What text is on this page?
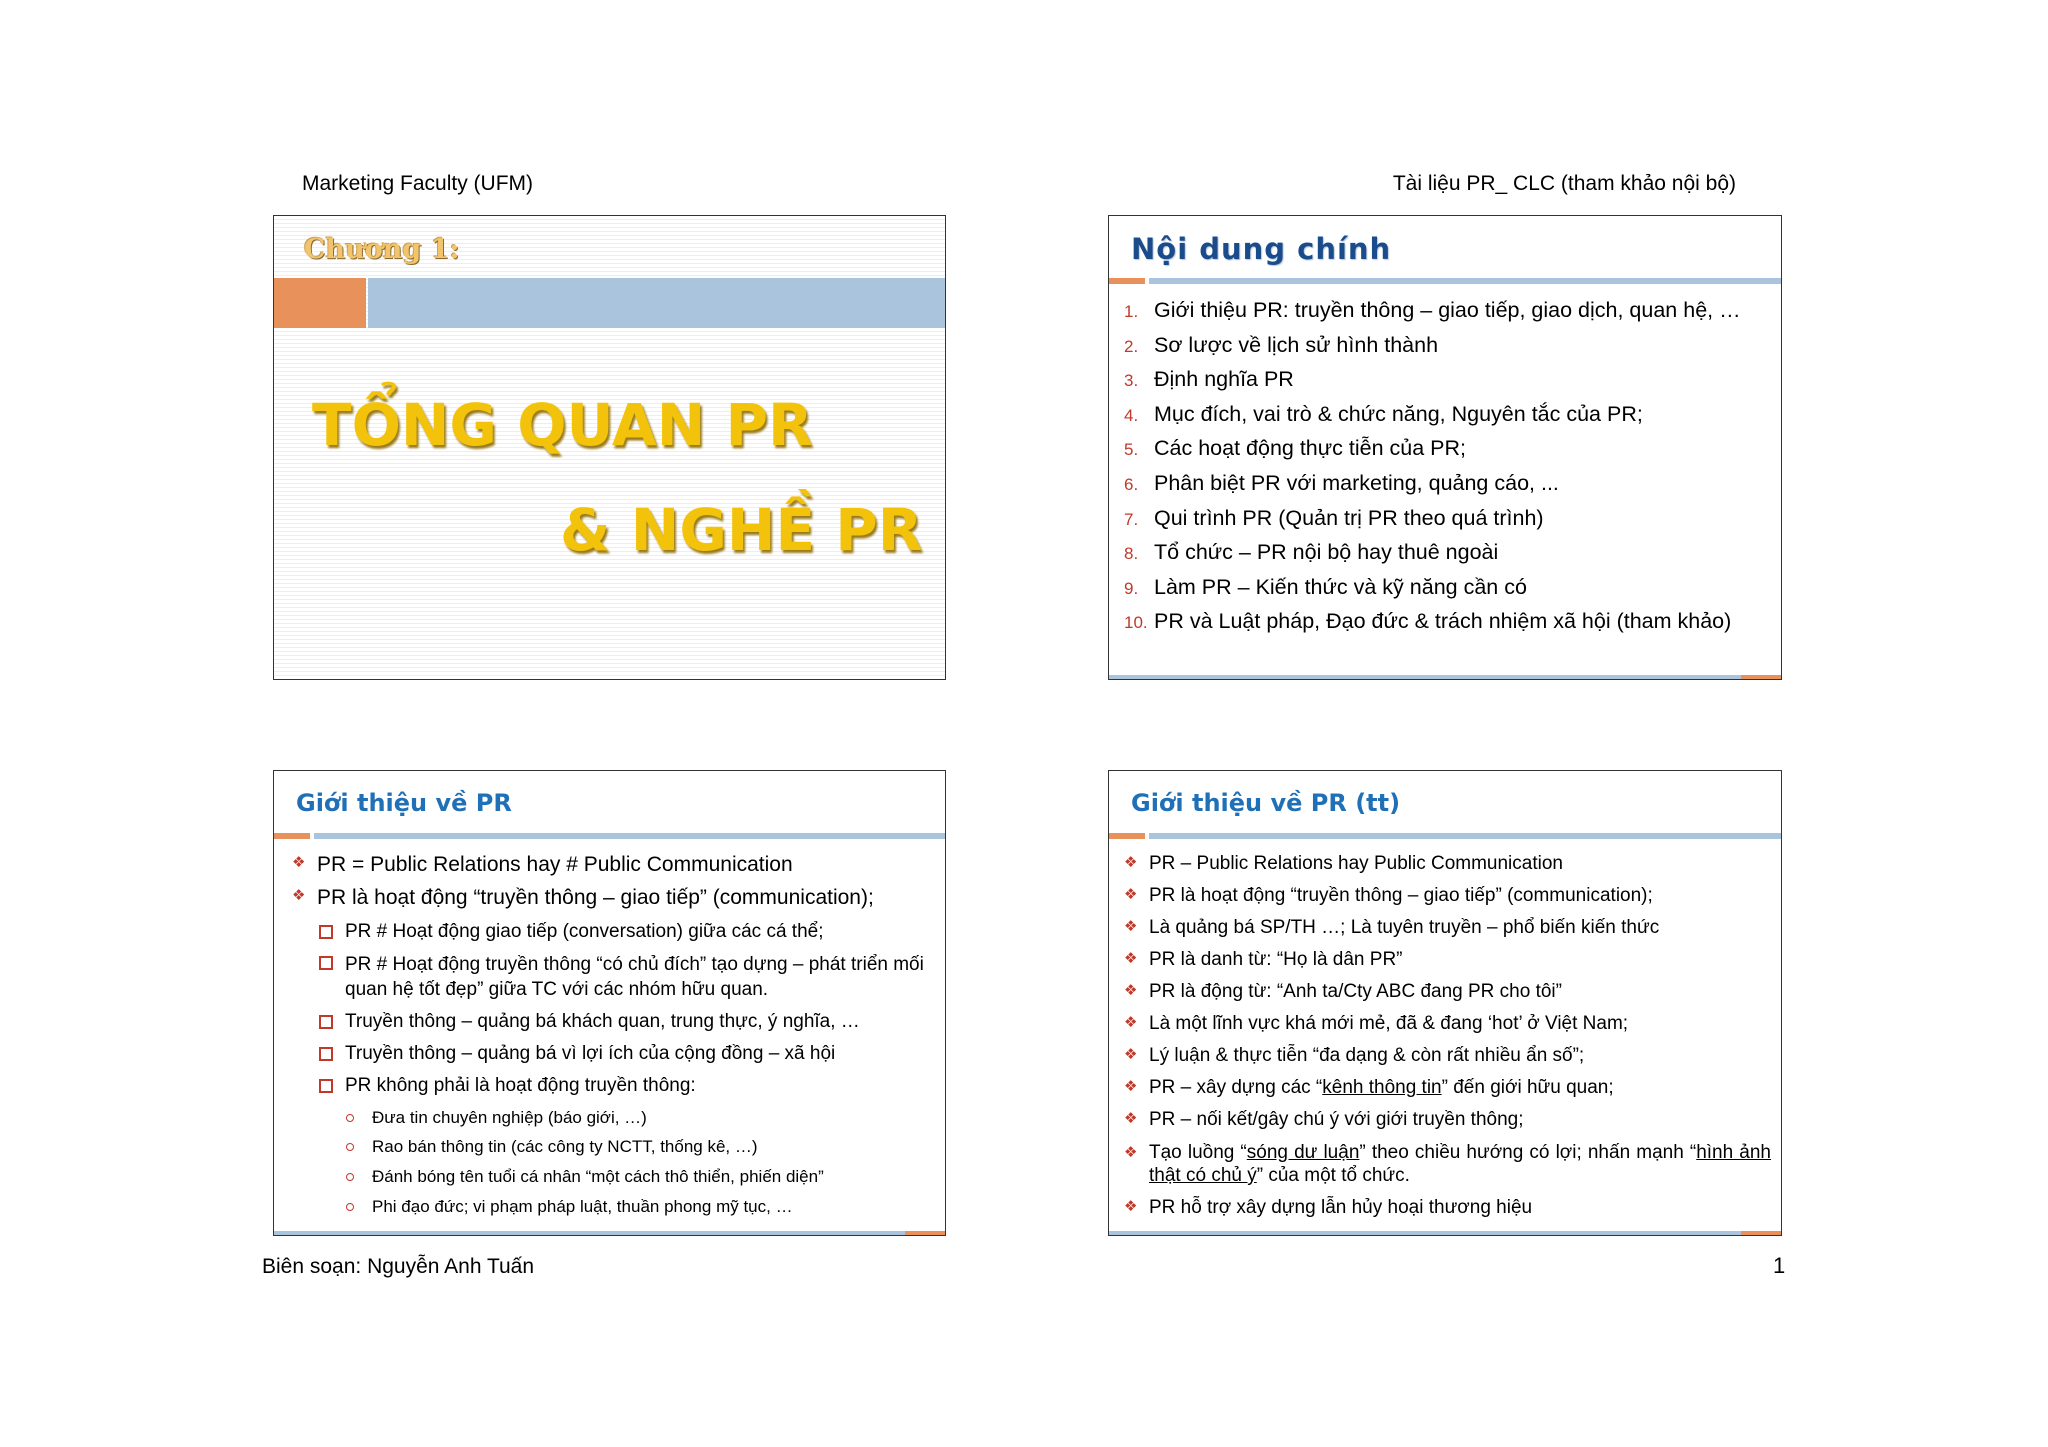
Marketing Faculty (UFM)	Tài liệu PR_ CLC (tham khảo nội bộ)
Chương 1:
TỔNG QUAN PR
& NGHỀ PR
Nội dung chính
1. Giới thiệu PR: truyền thông – giao tiếp, giao dịch, quan hệ, …
2. Sơ lược về lịch sử hình thành
3. Định nghĩa PR
4. Mục đích, vai trò & chức năng, Nguyên tắc của PR;
5. Các hoạt động thực tiễn của PR;
6. Phân biệt PR với marketing, quảng cáo, ...
7. Qui trình PR (Quản trị PR theo quá trình)
8. Tổ chức – PR nội bộ hay thuê ngoài
9. Làm PR – Kiến thức và kỹ năng cần có
10. PR và Luật pháp, Đạo đức & trách nhiệm xã hội (tham khảo)
Giới thiệu về PR
❖ PR = Public Relations hay # Public Communication
❖ PR là hoạt động “truyền thông – giao tiếp” (communication);
PR # Hoạt động giao tiếp (conversation) giữa các cá thể;
PR # Hoạt động truyền thông “có chủ đích” tạo dựng – phát triển mối quan hệ tốt đẹp” giữa TC với các nhóm hữu quan.
Truyền thông – quảng bá khách quan, trung thực, ý nghĩa, …
Truyền thông – quảng bá vì lợi ích của cộng đồng – xã hội
PR không phải là hoạt động truyền thông:
Đưa tin chuyên nghiệp (báo giới, …)
Rao bán thông tin (các công ty NCTT, thống kê, …)
Đánh bóng tên tuổi cá nhân “một cách thô thiển, phiến diện”
Phi đạo đức; vi phạm pháp luật, thuần phong mỹ tục, …
Giới thiệu về PR (tt)
❖ PR – Public Relations hay Public Communication
❖ PR là hoạt động “truyền thông – giao tiếp” (communication);
❖ Là quảng bá SP/TH …; Là tuyên truyền – phổ biến kiến thức
❖ PR là danh từ: “Họ là dân PR”
❖ PR là động từ: “Anh ta/Cty ABC đang PR cho tôi”
❖ Là một lĩnh vực khá mới mẻ, đã & đang ‘hot’ ở Việt Nam;
❖ Lý luận & thực tiễn “đa dạng & còn rất nhiều ẩn số”;
❖ PR – xây dựng các “kênh thông tin” đến giới hữu quan;
❖ PR – nối kết/gây chú ý với giới truyền thông;
❖ Tạo luồng “sóng dư luận” theo chiều hướng có lợi; nhấn mạnh “hình ảnh thật có chủ ý” của một tổ chức.
❖ PR hỗ trợ xây dựng lẫn hủy hoại thương hiệu
Biên soạn: Nguyễn Anh Tuấn	1
